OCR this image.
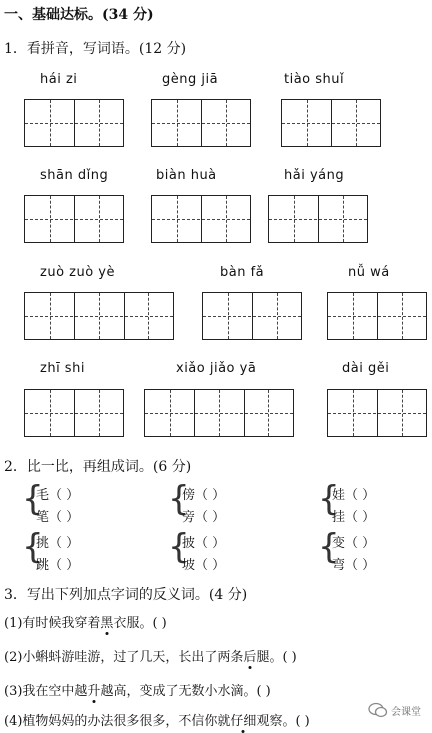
一、基础达标。(34 分)
1．看拼音，写词语。(12 分)
hái zi	gèng jiā	tiào shuǐ
shān dǐng	biàn huà	hǎi yáng
zuò zuò yè	bàn fǎ	nǚ wá
zhī shi	xiǎo jiǎo yā	dài gěi
2．比一比，再组成词。(6 分)
{
毛（ ）
笔（ ）	{
傍（ ）
旁（ ）	{
娃（ ）
挂（ ）
{
挑（ ）
跳（ ）	{
披（ ）
坡（ ）	{
变（ ）
弯（ ）
3．写出下列加点字词的反义词。(4 分)
(1)有时候我穿着黑衣服。( )
(2)小蝌蚪游哇游，过了几天，长出了两条后腿。( )
(3)我在空中越升越高，变成了无数小水滴。( )
(4)植物妈妈的办法很多很多，不信你就仔细观察。( )
会课堂
